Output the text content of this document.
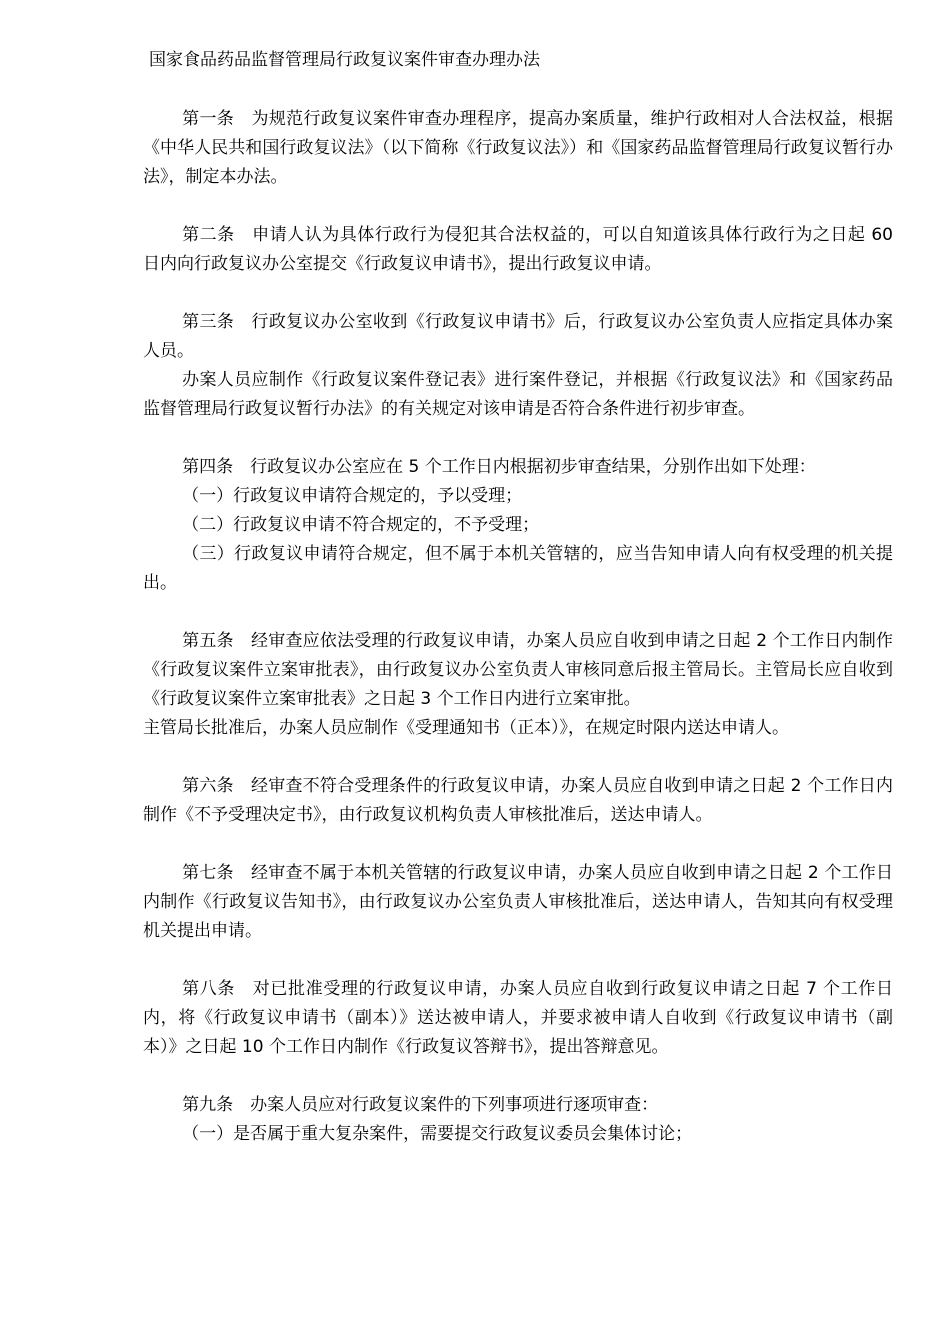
国家食品药品监督管理局行政复议案件审查办理办法

第一条　为规范行政复议案件审查办理程序，提高办案质量，维护行政相对人合法权益，根据《中华人民共和国行政复议法》（以下简称《行政复议法》）和《国家药品监督管理局行政复议暂行办法》，制定本办法。

第二条　申请人认为具体行政行为侵犯其合法权益的，可以自知道该具体行政行为之日起 60 日内向行政复议办公室提交《行政复议申请书》，提出行政复议申请。

第三条　行政复议办公室收到《行政复议申请书》后，行政复议办公室负责人应指定具体办案人员。

办案人员应制作《行政复议案件登记表》进行案件登记，并根据《行政复议法》和《国家药品监督管理局行政复议暂行办法》的有关规定对该申请是否符合条件进行初步审查。

第四条　行政复议办公室应在 5 个工作日内根据初步审查结果，分别作出如下处理：

（一）行政复议申请符合规定的，予以受理；

（二）行政复议申请不符合规定的，不予受理；

（三）行政复议申请符合规定，但不属于本机关管辖的，应当告知申请人向有权受理的机关提出。

第五条　经审查应依法受理的行政复议申请，办案人员应自收到申请之日起 2 个工作日内制作《行政复议案件立案审批表》，由行政复议办公室负责人审核同意后报主管局长。主管局长应自收到《行政复议案件立案审批表》之日起 3 个工作日内进行立案审批。

主管局长批准后，办案人员应制作《受理通知书（正本）》，在规定时限内送达申请人。

第六条　经审查不符合受理条件的行政复议申请，办案人员应自收到申请之日起 2 个工作日内制作《不予受理决定书》，由行政复议机构负责人审核批准后，送达申请人。

第七条　经审查不属于本机关管辖的行政复议申请，办案人员应自收到申请之日起 2 个工作日内制作《行政复议告知书》，由行政复议办公室负责人审核批准后，送达申请人，告知其向有权受理机关提出申请。

第八条　对已批准受理的行政复议申请，办案人员应自收到行政复议申请之日起 7 个工作日内，将《行政复议申请书（副本）》送达被申请人，并要求被申请人自收到《行政复议申请书（副本）》之日起 10 个工作日内制作《行政复议答辩书》，提出答辩意见。

第九条　办案人员应对行政复议案件的下列事项进行逐项审查：

（一）是否属于重大复杂案件，需要提交行政复议委员会集体讨论；
